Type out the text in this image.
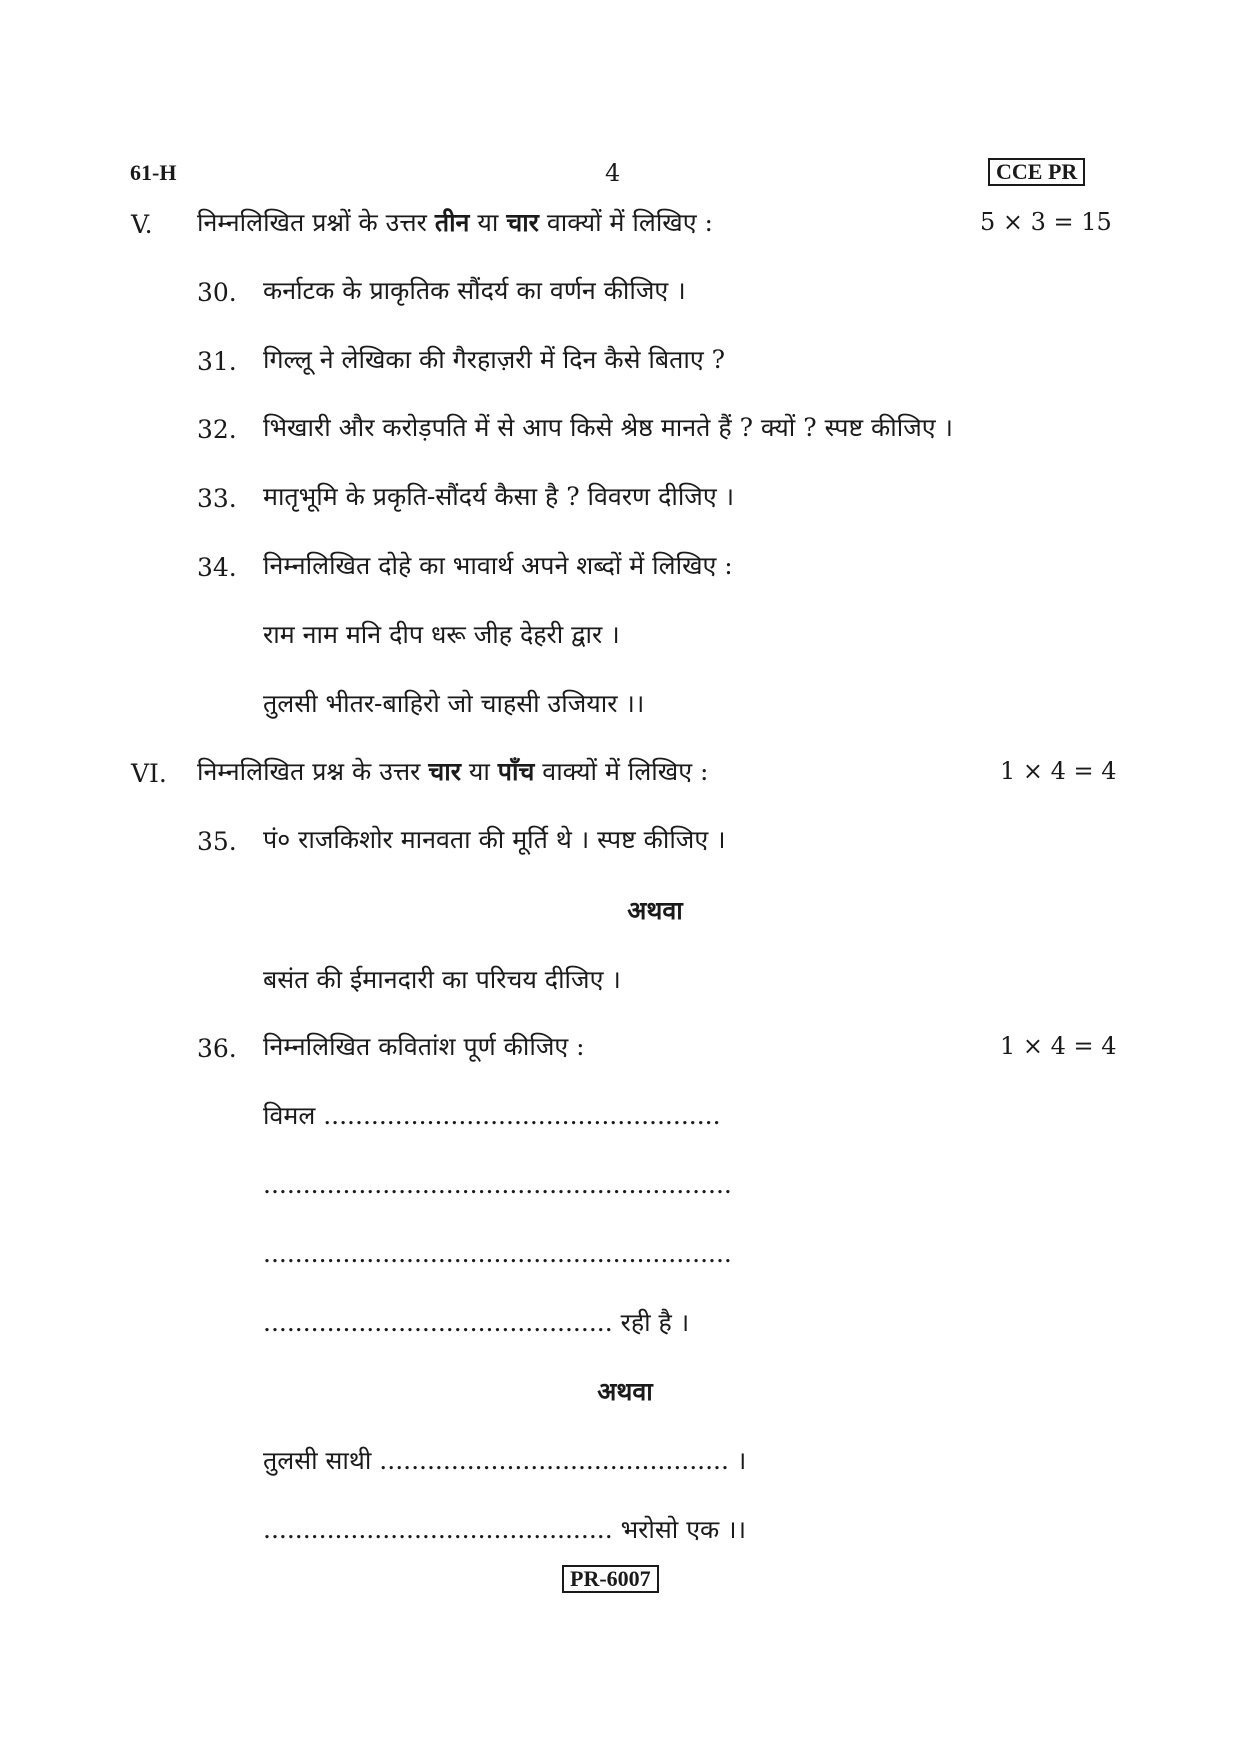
61-H	4	CCE PR
V. निम्नलिखित प्रश्नों के उत्तर तीन या चार वाक्यों में लिखिए :	5 × 3 = 15
30. कर्नाटक के प्राकृतिक सौंदर्य का वर्णन कीजिए ।
31. गिल्लू ने लेखिका की गैरहाज़री में दिन कैसे बिताए ?
32. भिखारी और करोड़पति में से आप किसे श्रेष्ठ मानते हैं ? क्यों ? स्पष्ट कीजिए ।
33. मातृभूमि के प्रकृति-सौंदर्य कैसा है ? विवरण दीजिए ।
34. निम्नलिखित दोहे का भावार्थ अपने शब्दों में लिखिए :
राम नाम मनि दीप धरू जीह देहरी द्वार ।
तुलसी भीतर-बाहिरो जो चाहसी उजियार ।।
VI. निम्नलिखित प्रश्न के उत्तर चार या पाँच वाक्यों में लिखिए :	1 × 4 = 4
35. पं० राजकिशोर मानवता की मूर्ति थे । स्पष्ट कीजिए ।
अथवा
बसंत की ईमानदारी का परिचय दीजिए ।
36. निम्नलिखित कवितांश पूर्ण कीजिए :	1 × 4 = 4
विमल ..................................................
...........................................................
...........................................................
............................................ रही है ।
अथवा
तुलसी साथी ............................................ ।
............................................ भरोसो एक ।।
PR-6007
